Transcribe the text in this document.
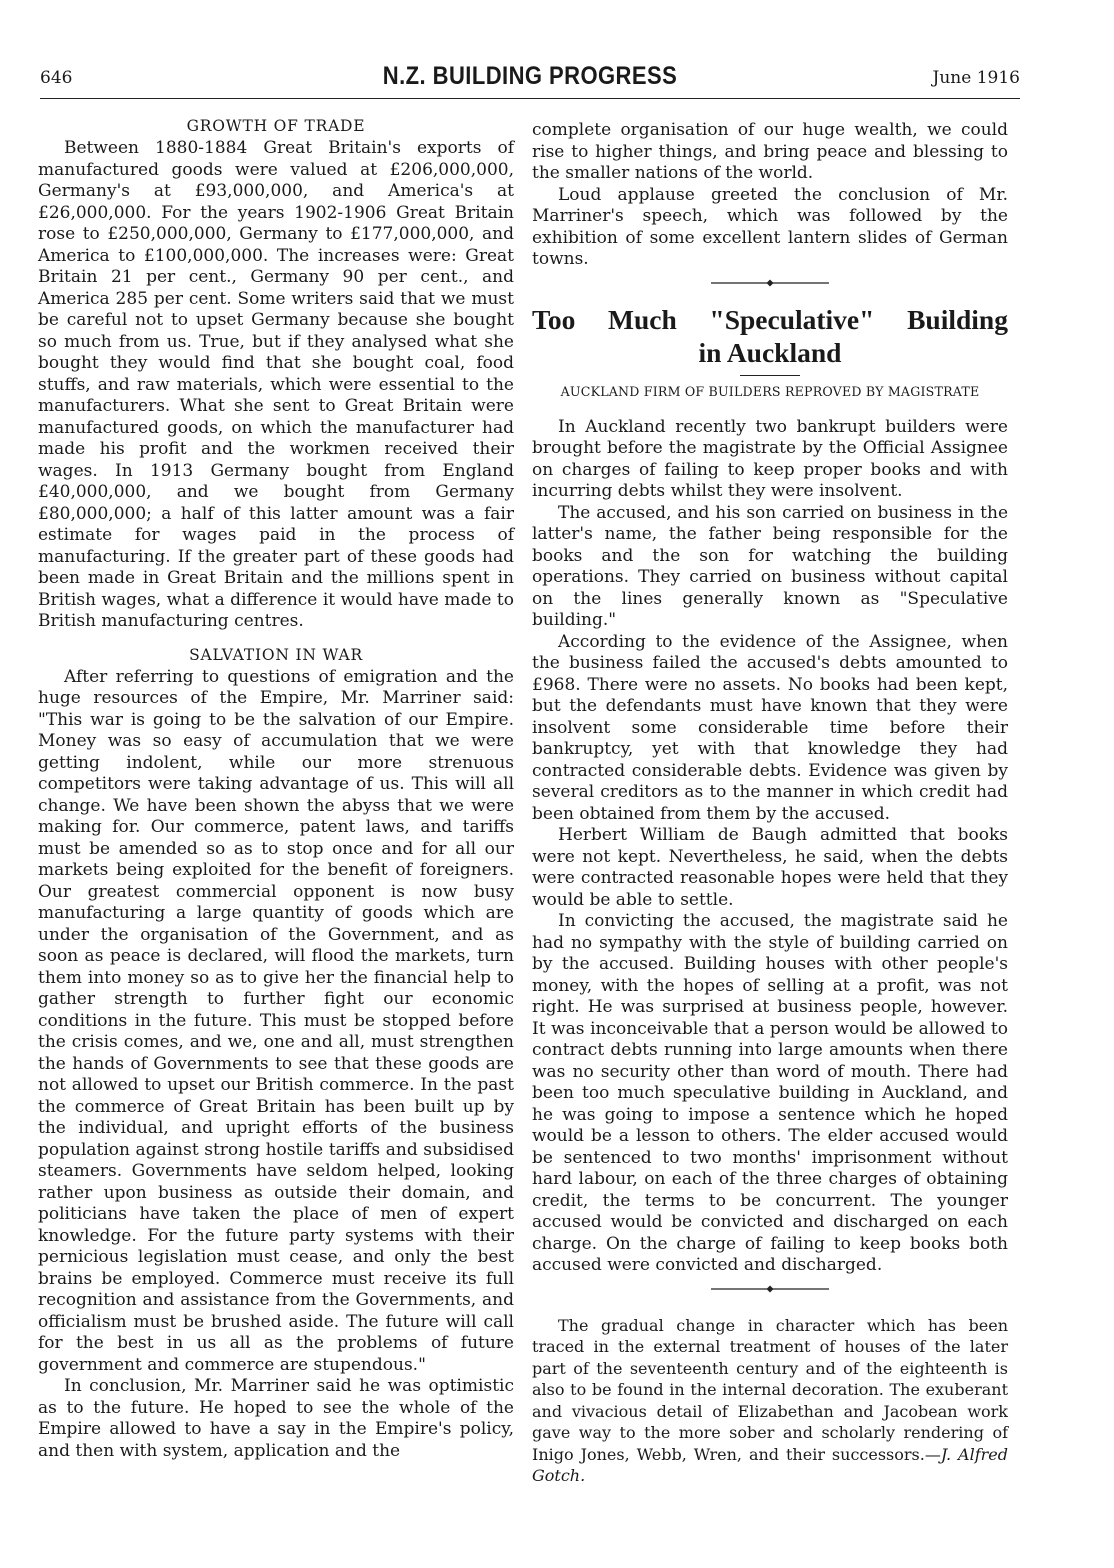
646	N.Z. BUILDING PROGRESS	June 1916
GROWTH OF TRADE

Between 1880-1884 Great Britain's exports of manufactured goods were valued at £206,000,000, Germany's at £93,000,000, and America's at £26,000,000. For the years 1902-1906 Great Britain rose to £250,000,000, Germany to £177,000,000, and America to £100,000,000. The increases were: Great Britain 21 per cent., Germany 90 per cent., and America 285 per cent. Some writers said that we must be careful not to upset Germany because she bought so much from us. True, but if they analysed what she bought they would find that she bought coal, food stuffs, and raw materials, which were essential to the manufacturers. What she sent to Great Britain were manufactured goods, on which the manufacturer had made his profit and the workmen received their wages. In 1913 Germany bought from England £40,000,000, and we bought from Germany £80,000,000; a half of this latter amount was a fair estimate for wages paid in the process of manufacturing. If the greater part of these goods had been made in Great Britain and the millions spent in British wages, what a difference it would have made to British manufacturing centres.

SALVATION IN WAR

After referring to questions of emigration and the huge resources of the Empire, Mr. Marriner said: "This war is going to be the salvation of our Empire. Money was so easy of accumulation that we were getting indolent, while our more strenuous competitors were taking advantage of us. This will all change. We have been shown the abyss that we were making for. Our commerce, patent laws, and tariffs must be amended so as to stop once and for all our markets being exploited for the benefit of foreigners. Our greatest commercial opponent is now busy manufacturing a large quantity of goods which are under the organisation of the Government, and as soon as peace is declared, will flood the markets, turn them into money so as to give her the financial help to gather strength to further fight our economic conditions in the future. This must be stopped before the crisis comes, and we, one and all, must strengthen the hands of Governments to see that these goods are not allowed to upset our British commerce. In the past the commerce of Great Britain has been built up by the individual, and upright efforts of the business population against strong hostile tariffs and subsidised steamers. Governments have seldom helped, looking rather upon business as outside their domain, and politicians have taken the place of men of expert knowledge. For the future party systems with their pernicious legislation must cease, and only the best brains be employed. Commerce must receive its full recognition and assistance from the Governments, and officialism must be brushed aside. The future will call for the best in us all as the problems of future government and commerce are stupendous."

In conclusion, Mr. Marriner said he was optimistic as to the future. He hoped to see the whole of the Empire allowed to have a say in the Empire's policy, and then with system, application and the

complete organisation of our huge wealth, we could rise to higher things, and bring peace and blessing to the smaller nations of the world.

Loud applause greeted the conclusion of Mr. Marriner's speech, which was followed by the exhibition of some excellent lantern slides of German towns.

Too Much "Speculative" Building
in Auckland
AUCKLAND FIRM OF BUILDERS REPROVED BY MAGISTRATE

In Auckland recently two bankrupt builders were brought before the magistrate by the Official Assignee on charges of failing to keep proper books and with incurring debts whilst they were insolvent.

The accused, and his son carried on business in the latter's name, the father being responsible for the books and the son for watching the building operations. They carried on business without capital on the lines generally known as "Speculative building."

According to the evidence of the Assignee, when the business failed the accused's debts amounted to £968. There were no assets. No books had been kept, but the defendants must have known that they were insolvent some considerable time before their bankruptcy, yet with that knowledge they had contracted considerable debts. Evidence was given by several creditors as to the manner in which credit had been obtained from them by the accused.

Herbert William de Baugh admitted that books were not kept. Nevertheless, he said, when the debts were contracted reasonable hopes were held that they would be able to settle.

In convicting the accused, the magistrate said he had no sympathy with the style of building carried on by the accused. Building houses with other people's money, with the hopes of selling at a profit, was not right. He was surprised at business people, however. It was inconceivable that a person would be allowed to contract debts running into large amounts when there was no security other than word of mouth. There had been too much speculative building in Auckland, and he was going to impose a sentence which he hoped would be a lesson to others. The elder accused would be sentenced to two months' imprisonment without hard labour, on each of the three charges of obtaining credit, the terms to be concurrent. The younger accused would be convicted and discharged on each charge. On the charge of failing to keep books both accused were convicted and discharged.

The gradual change in character which has been traced in the external treatment of houses of the later part of the seventeenth century and of the eighteenth is also to be found in the internal decoration. The exuberant and vivacious detail of Elizabethan and Jacobean work gave way to the more sober and scholarly rendering of Inigo Jones, Webb, Wren, and their successors.—J. Alfred Gotch.
